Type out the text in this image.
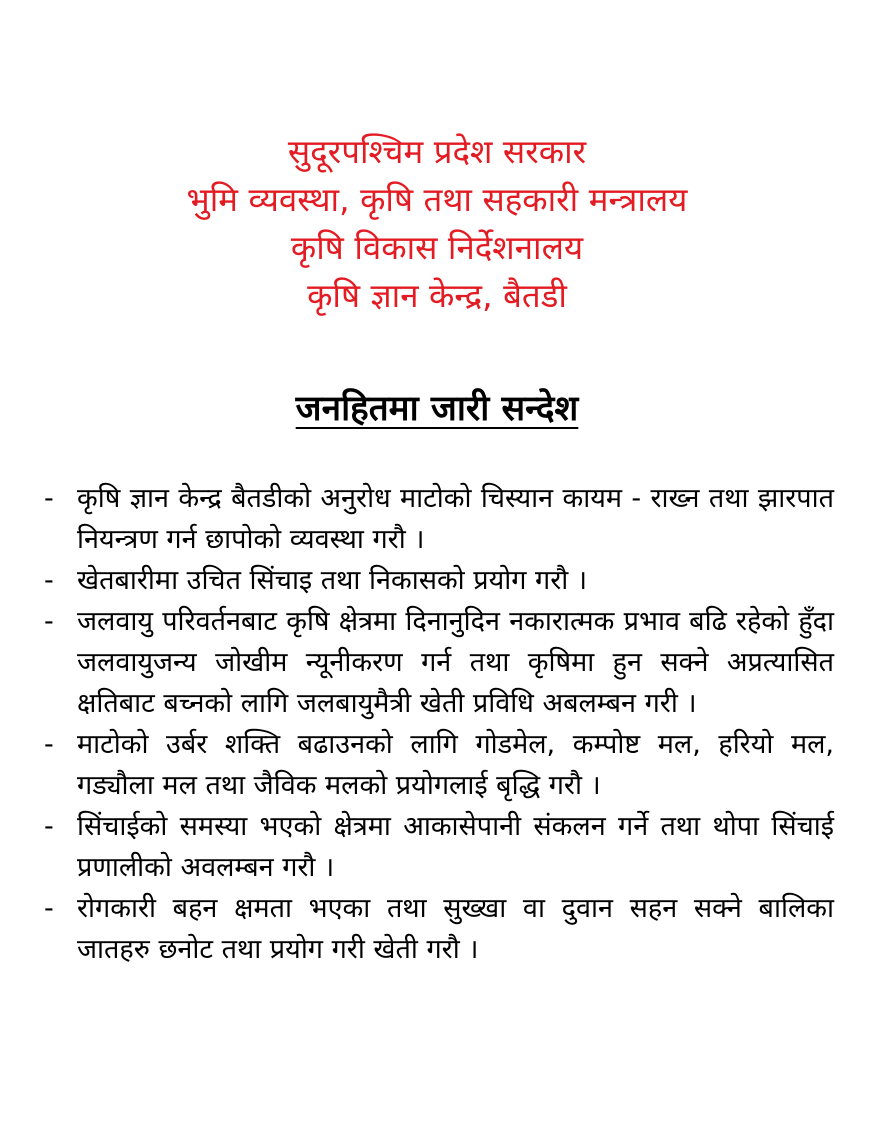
सुदूरपश्चिम प्रदेश सरकार
भुमि व्यवस्था, कृषि तथा सहकारी मन्त्रालय
कृषि विकास निर्देशनालय
कृषि ज्ञान केन्द्र, बैतडी
जनहितमा जारी सन्देश
- कृषि ज्ञान केन्द्र बैतडीको अनुरोध माटोको चिस्यान कायम - राख्न तथा झारपात नियन्त्रण गर्न छापोको व्यवस्था गरौ ।
- खेतबारीमा उचित सिंचाइ तथा निकासको प्रयोग गरौ ।
- जलवायु परिवर्तनबाट कृषि क्षेत्रमा दिनानुदिन नकारात्मक प्रभाव बढि रहेको हुँदा जलवायुजन्य जोखीम न्यूनीकरण गर्न तथा कृषिमा हुन सक्ने अप्रत्यासित क्षतिबाट बच्नको लागि जलबायुमैत्री खेती प्रविधि अबलम्बन गरी ।
- माटोको उर्बर शक्ति बढाउनको लागि गोडमेल, कम्पोष्ट मल, हरियो मल, गड्यौला मल तथा जैविक मलको प्रयोगलाई बृद्धि गरौ ।
- सिंचाईको समस्या भएको क्षेत्रमा आकासेपानी संकलन गर्ने तथा थोपा सिंचाई प्रणालीको अवलम्बन गरौ ।
- रोगकारी बहन क्षमता भएका तथा सुख्खा वा दुवान सहन सक्ने बालिका जातहरु छनोट तथा प्रयोग गरी खेती गरौ ।
